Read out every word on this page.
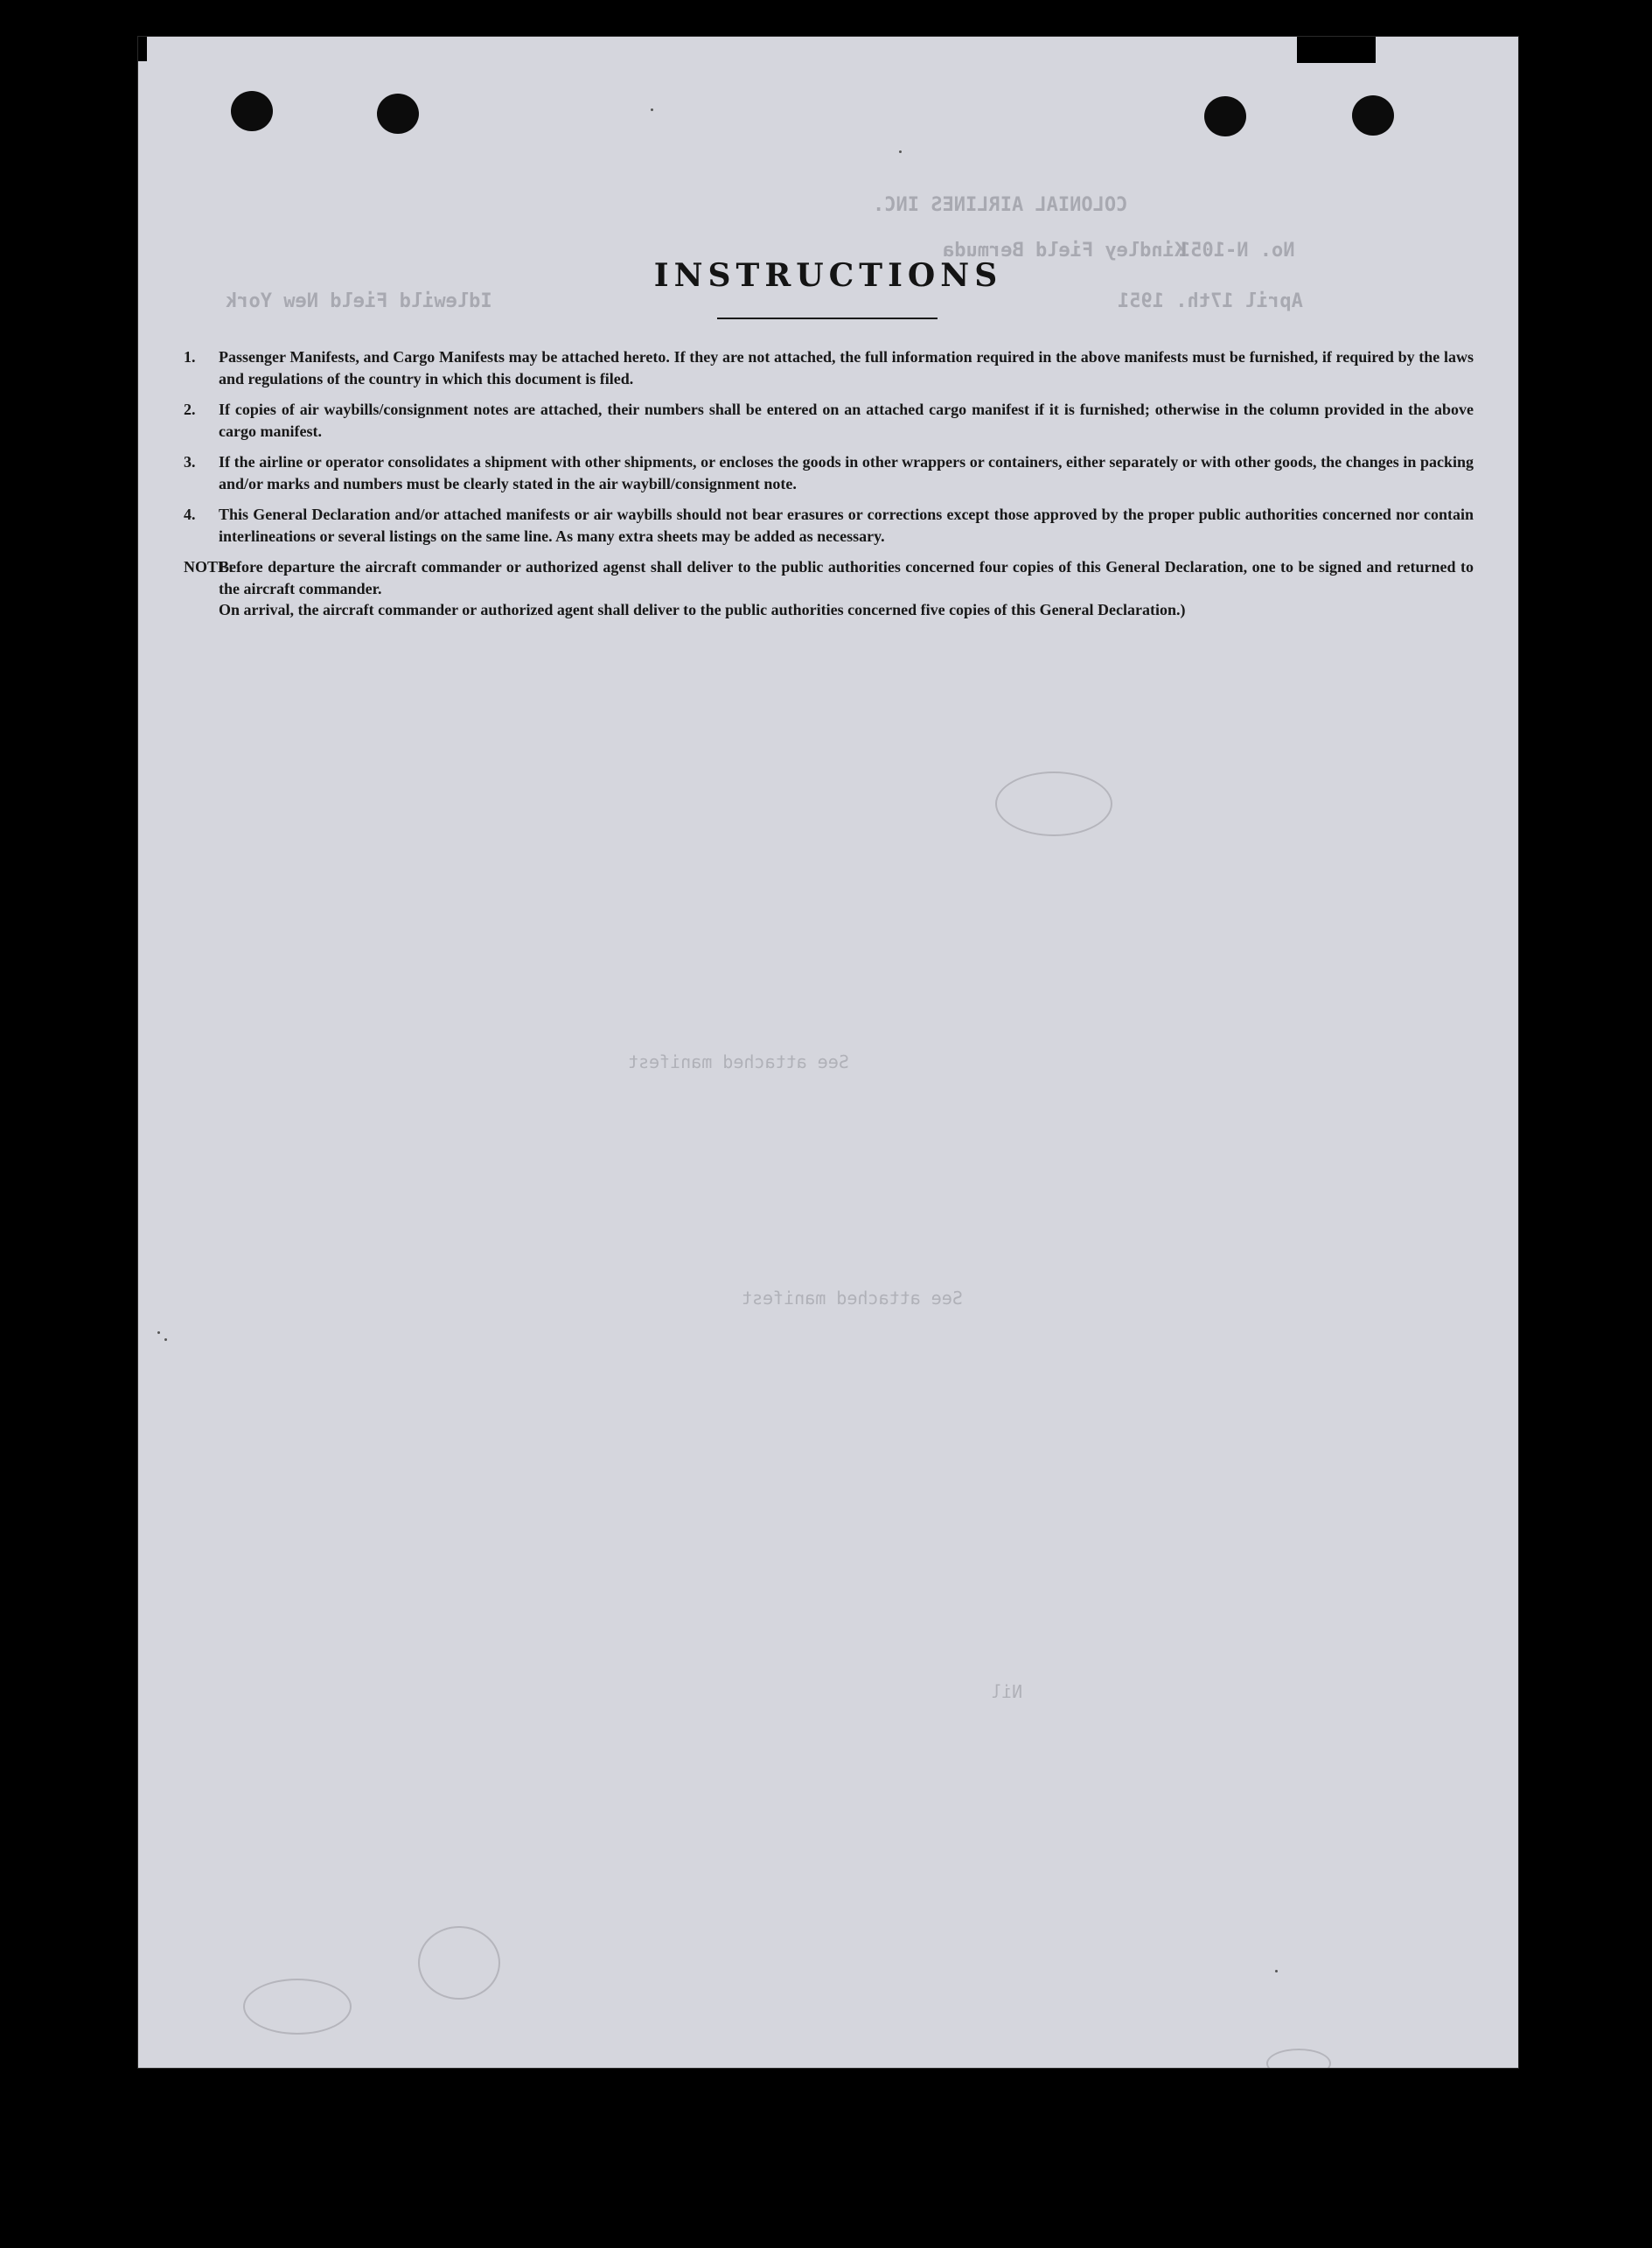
COLONIAL AIRLINES INC.
No. N-1051
April 17th. 1951
Kindley Field Bermuda
Idlewild Field New York
See attached manifest
See attached manifest
Nil
INSTRUCTIONS
1. Passenger Manifests, and Cargo Manifests may be attached hereto. If they are not attached, the full information required in the above manifests must be furnished, if required by the laws and regulations of the country in which this document is filed.
2. If copies of air waybills/consignment notes are attached, their numbers shall be entered on an attached cargo manifest if it is furnished; otherwise in the column provided in the above cargo manifest.
3. If the airline or operator consolidates a shipment with other shipments, or encloses the goods in other wrappers or containers, either separately or with other goods, the changes in packing and/or marks and numbers must be clearly stated in the air waybill/consignment note.
4. This General Declaration and/or attached manifests or air waybills should not bear erasures or corrections except those approved by the proper public authorities concerned nor contain interlineations or several listings on the same line. As many extra sheets may be added as necessary.
NOTE:

Before departure the aircraft commander or authorized agenst shall deliver to the public authorities concerned four copies of this General Declaration, one to be signed and returned to the aircraft commander.

On arrival, the aircraft commander or authorized agent shall deliver to the public authorities concerned five copies of this General Declaration.)
